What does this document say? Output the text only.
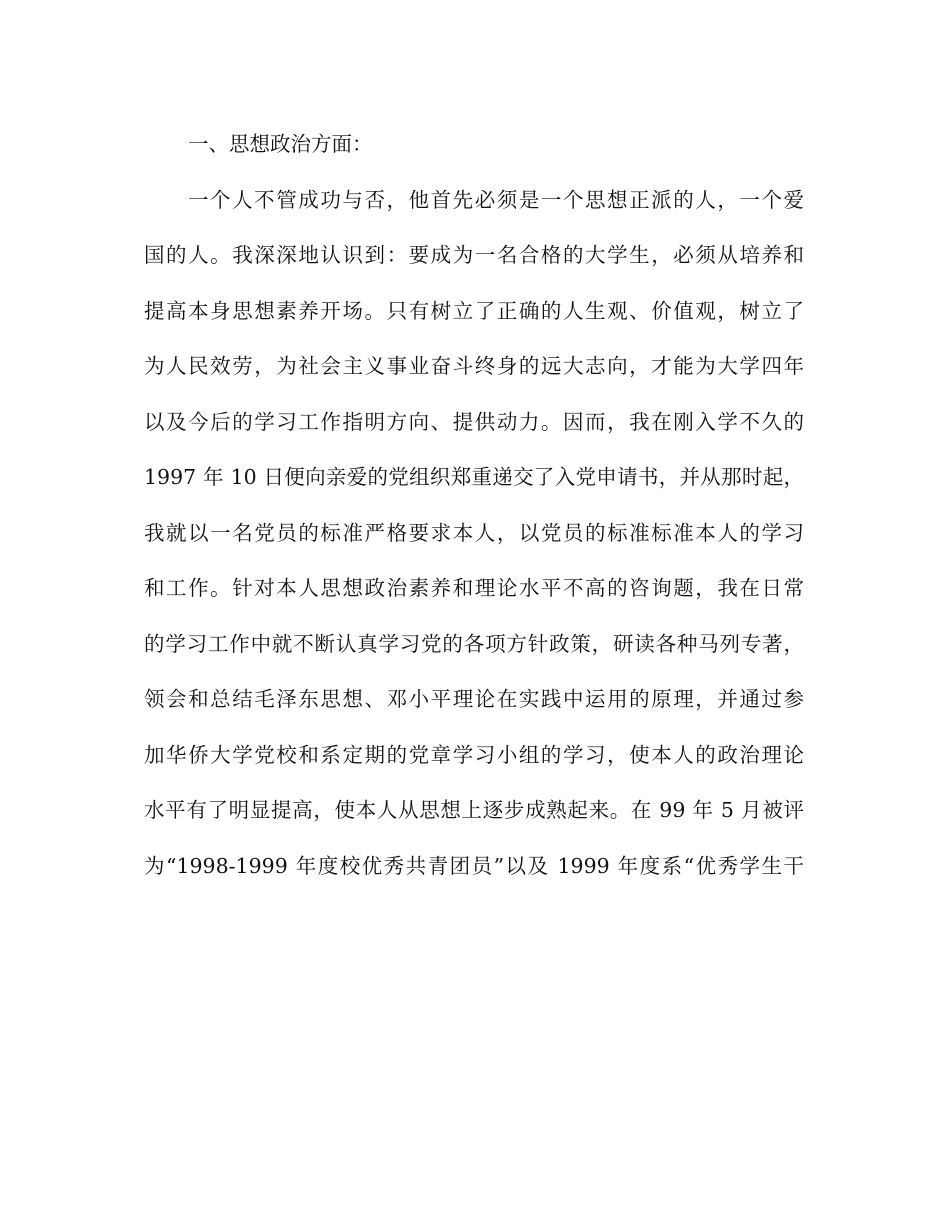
一、思想政治方面：
一个人不管成功与否，他首先必须是一个思想正派的人，一个爱
国的人。我深深地认识到：要成为一名合格的大学生，必须从培养和
提高本身思想素养开场。只有树立了正确的人生观、价值观，树立了
为人民效劳，为社会主义事业奋斗终身的远大志向，才能为大学四年
以及今后的学习工作指明方向、提供动力。因而，我在刚入学不久的
1997 年 10 日便向亲爱的党组织郑重递交了入党申请书，并从那时起，
我就以一名党员的标准严格要求本人，以党员的标准标准本人的学习
和工作。针对本人思想政治素养和理论水平不高的咨询题，我在日常
的学习工作中就不断认真学习党的各项方针政策，研读各种马列专著，
领会和总结毛泽东思想、邓小平理论在实践中运用的原理，并通过参
加华侨大学党校和系定期的党章学习小组的学习，使本人的政治理论
水平有了明显提高，使本人从思想上逐步成熟起来。在 99 年 5 月被评
为“1998-1999 年度校优秀共青团员”以及 1999 年度系“优秀学生干
